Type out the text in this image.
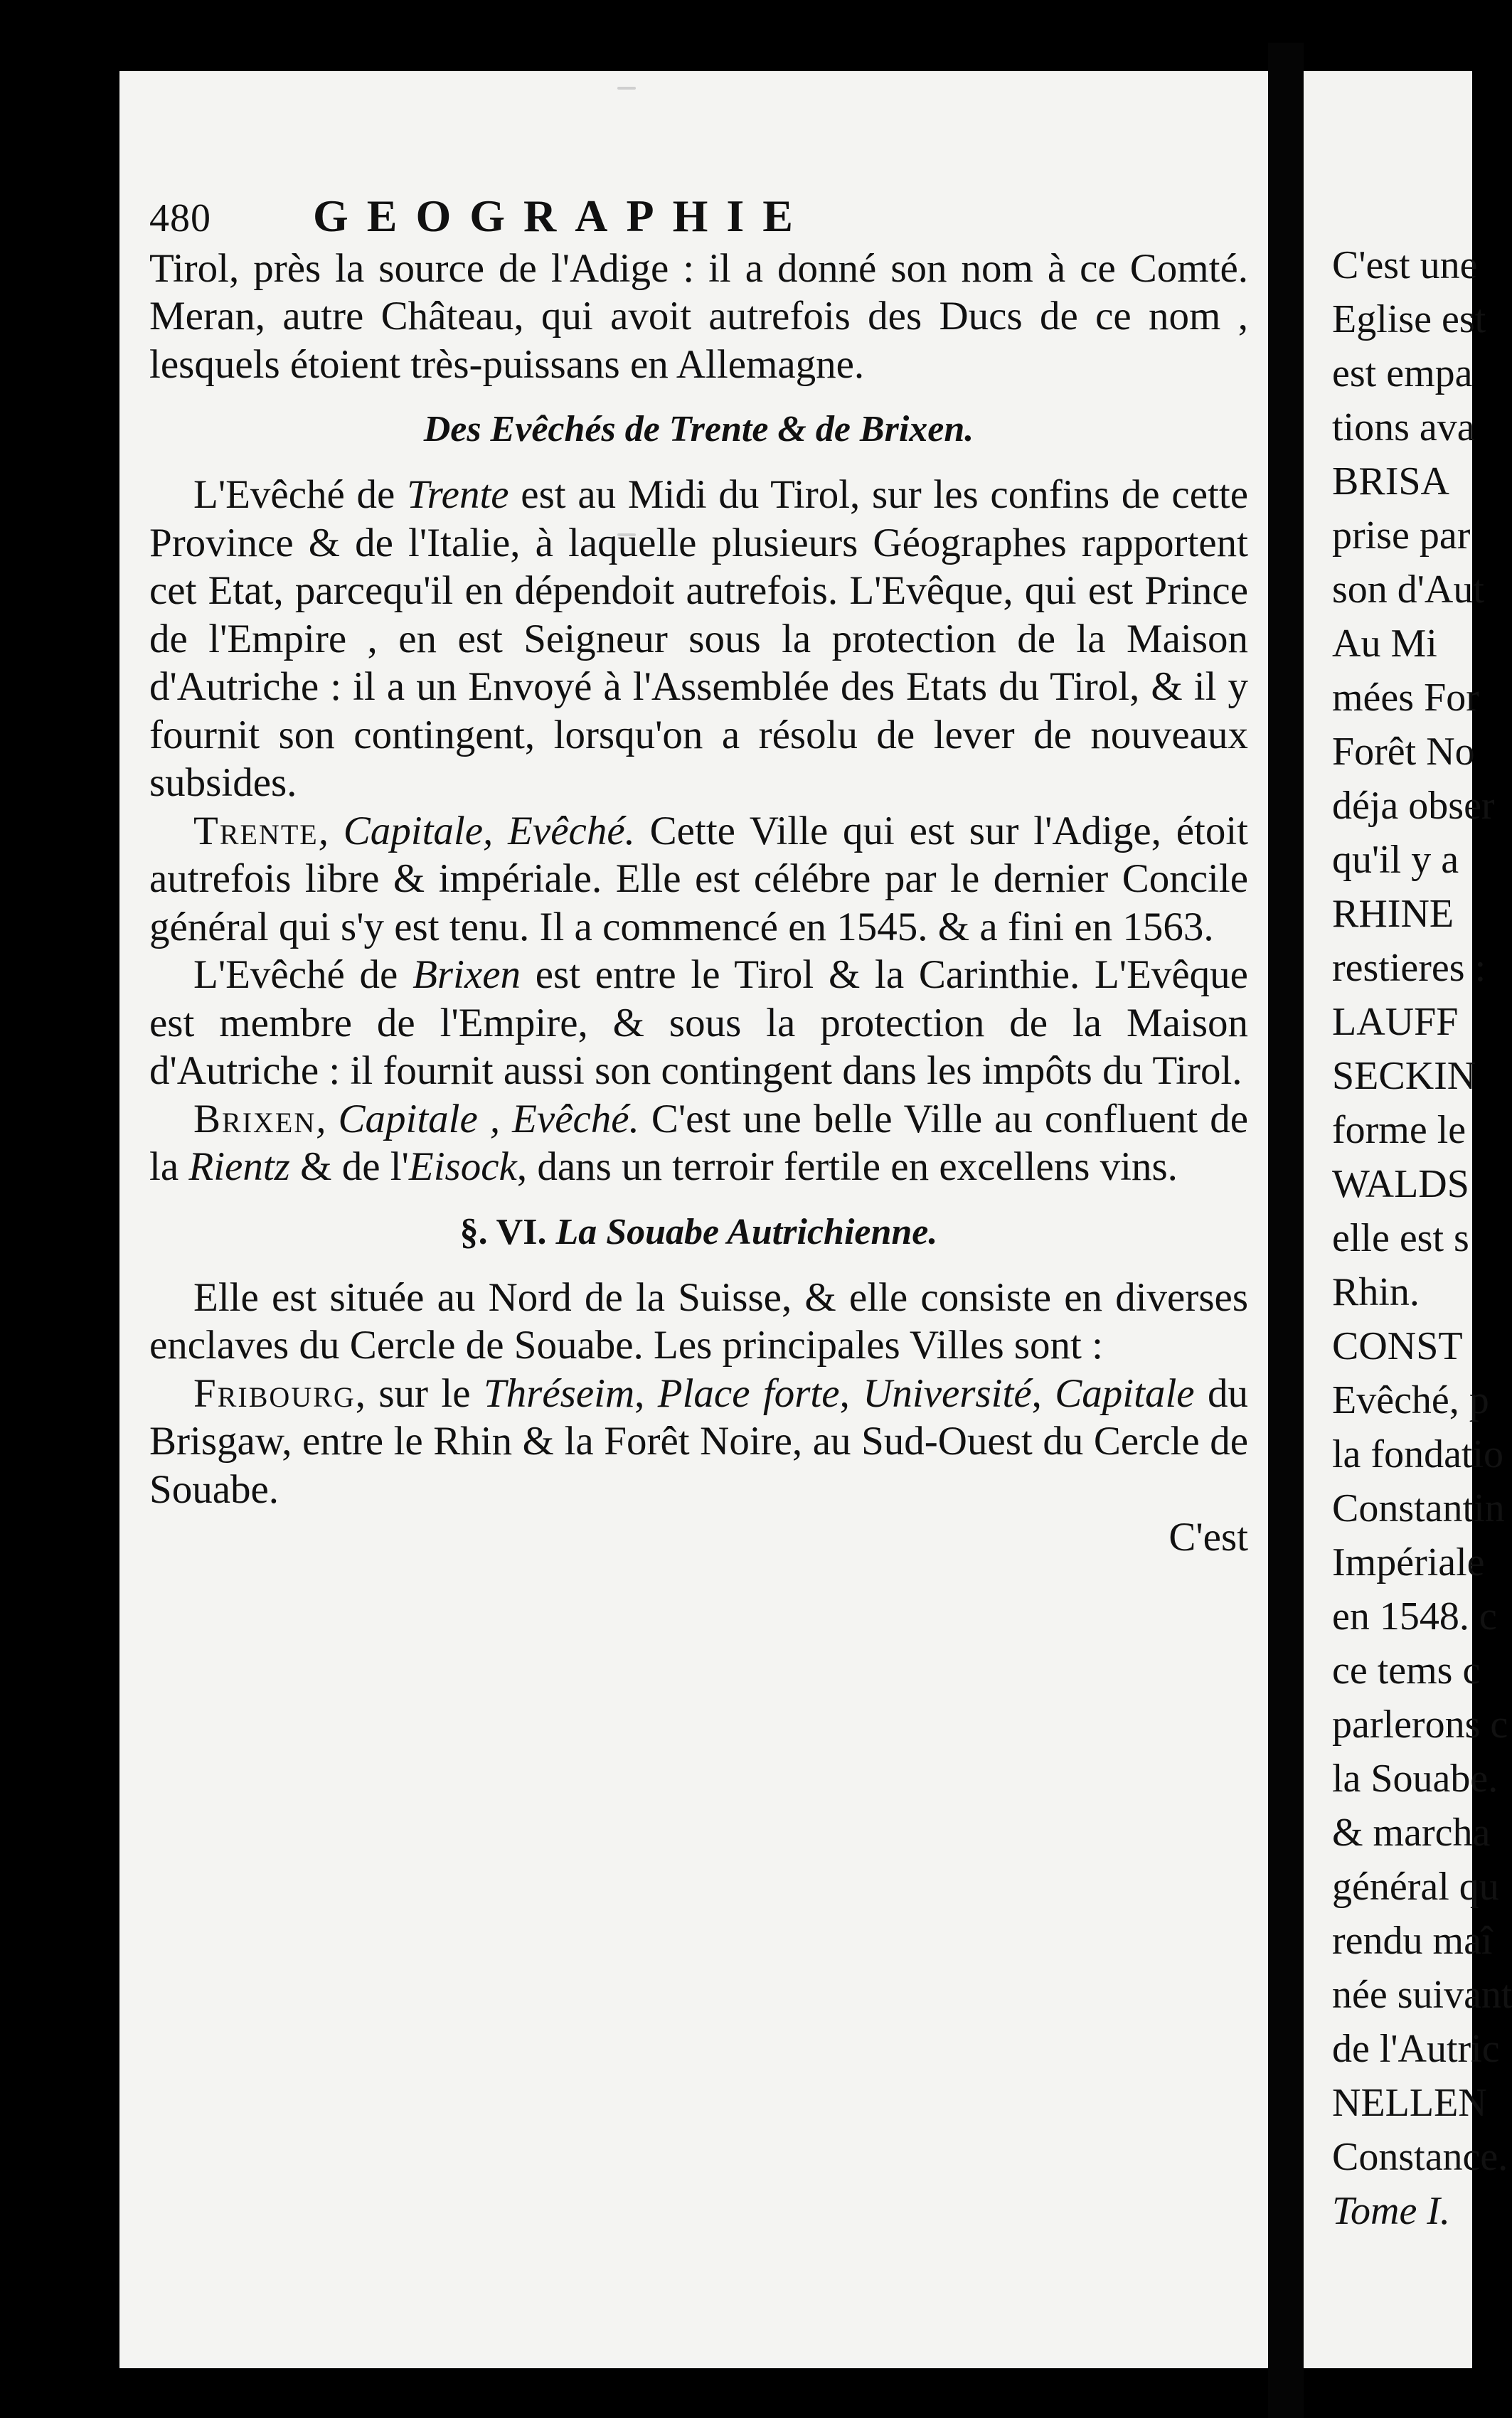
C'est une
Eglise est
est empa
tions ava
BRISA
prise par
son d'Aut
Au Mi
mées For
Forêt No
déja obser
qu'il y a
RHINE
restieres :
LAUFF
SECKIN
forme le
WALDS
elle est s
Rhin.
CONST
Evêché, p
la fondatio
Constantin
Impériale
en 1548. c
ce tems c
parlerons c
la Souabe.
& marcha
général qu
rendu maî
née suivant
de l'Autric
NELLEN
Constance.
Tome I.
480	GEOGRAPHIE

Tirol, près la source de l'Adige : il a donné son nom à ce Comté. Meran, autre Château, qui avoit autrefois des Ducs de ce nom , lesquels étoient très-puissans en Allemagne.

Des Evêchés de Trente & de Brixen.

L'Evêché de Trente est au Midi du Tirol, sur les confins de cette Province & de l'Italie, à laquelle plusieurs Géographes rapportent cet Etat, parcequ'il en dépendoit autrefois. L'Evêque, qui est Prince de l'Empire , en est Seigneur sous la protection de la Maison d'Autriche : il a un Envoyé à l'Assemblée des Etats du Tirol, & il y fournit son contingent, lorsqu'on a résolu de lever de nouveaux subsides.

Trente, Capitale, Evêché. Cette Ville qui est sur l'Adige, étoit autrefois libre & impériale. Elle est célébre par le dernier Concile général qui s'y est tenu. Il a commencé en 1545. & a fini en 1563.

L'Evêché de Brixen est entre le Tirol & la Carinthie. L'Evêque est membre de l'Empire, & sous la protection de la Maison d'Autriche : il fournit aussi son contingent dans les impôts du Tirol.

Brixen, Capitale , Evêché. C'est une belle Ville au confluent de la Rientz & de l'Eisock, dans un terroir fertile en excellens vins.

§. VI. La Souabe Autrichienne.

Elle est située au Nord de la Suisse, & elle consiste en diverses enclaves du Cercle de Souabe. Les principales Villes sont :

Fribourg, sur le Thréseim, Place forte, Université, Capitale du Brisgaw, entre le Rhin & la Forêt Noire, au Sud-Ouest du Cercle de Souabe.

C'est
